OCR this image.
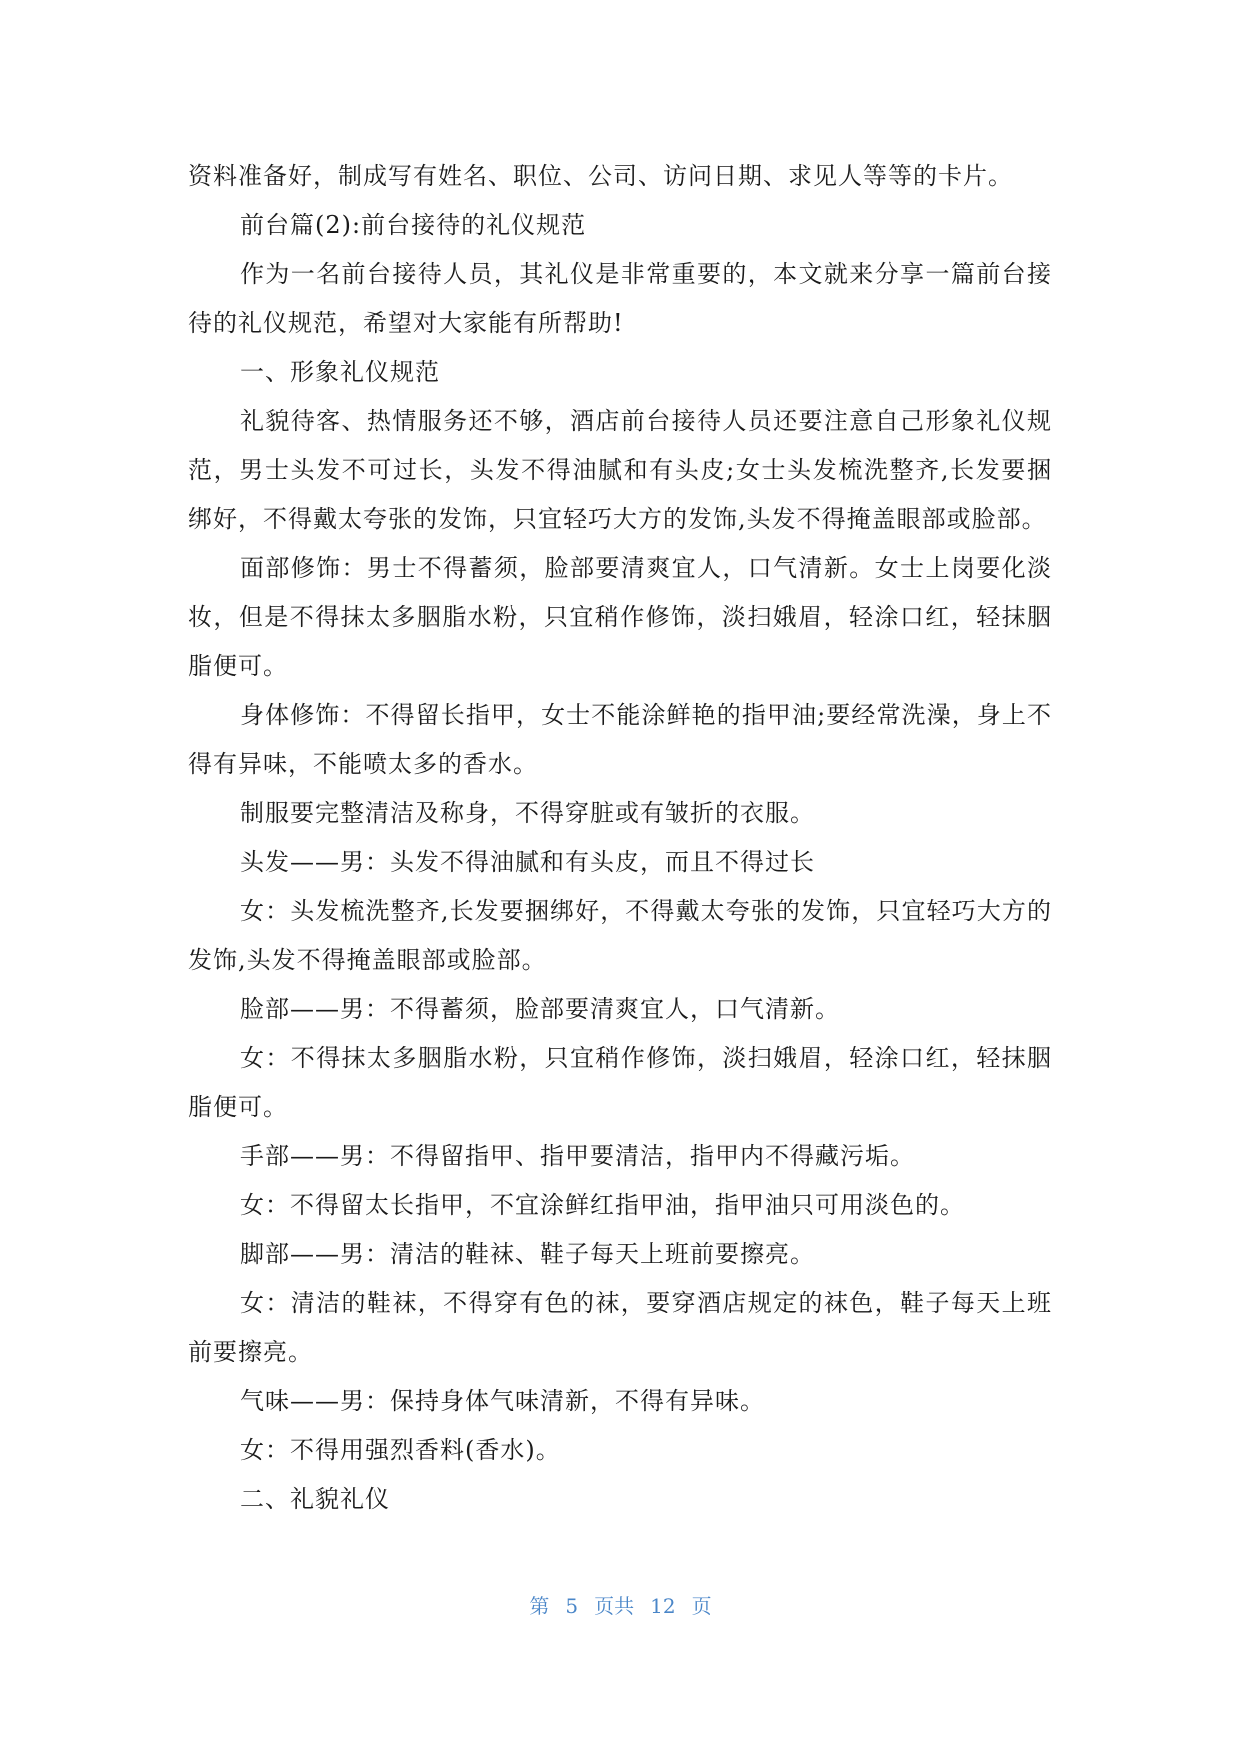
资料准备好，制成写有姓名、职位、公司、访问日期、求见人等等的卡片。

前台篇(2):前台接待的礼仪规范

作为一名前台接待人员，其礼仪是非常重要的，本文就来分享一篇前台接待的礼仪规范，希望对大家能有所帮助!

一、形象礼仪规范

礼貌待客、热情服务还不够，酒店前台接待人员还要注意自己形象礼仪规范，男士头发不可过长，头发不得油腻和有头皮;女士头发梳洗整齐,长发要捆绑好，不得戴太夸张的发饰，只宜轻巧大方的发饰,头发不得掩盖眼部或脸部。

面部修饰：男士不得蓄须，脸部要清爽宜人，口气清新。女士上岗要化淡妆，但是不得抹太多胭脂水粉，只宜稍作修饰，淡扫娥眉，轻涂口红，轻抹胭脂便可。

身体修饰：不得留长指甲，女士不能涂鲜艳的指甲油;要经常洗澡，身上不得有异味，不能喷太多的香水。

制服要完整清洁及称身，不得穿脏或有皱折的衣服。

头发——男：头发不得油腻和有头皮，而且不得过长

女：头发梳洗整齐,长发要捆绑好，不得戴太夸张的发饰，只宜轻巧大方的发饰,头发不得掩盖眼部或脸部。

脸部——男：不得蓄须，脸部要清爽宜人，口气清新。

女：不得抹太多胭脂水粉，只宜稍作修饰，淡扫娥眉，轻涂口红，轻抹胭脂便可。

手部——男：不得留指甲、指甲要清洁，指甲内不得藏污垢。

女：不得留太长指甲，不宜涂鲜红指甲油，指甲油只可用淡色的。

脚部——男：清洁的鞋袜、鞋子每天上班前要擦亮。

女：清洁的鞋袜，不得穿有色的袜，要穿酒店规定的袜色，鞋子每天上班前要擦亮。

气味——男：保持身体气味清新，不得有异味。

女：不得用强烈香料(香水)。

二、礼貌礼仪

第 5 页共 12 页
